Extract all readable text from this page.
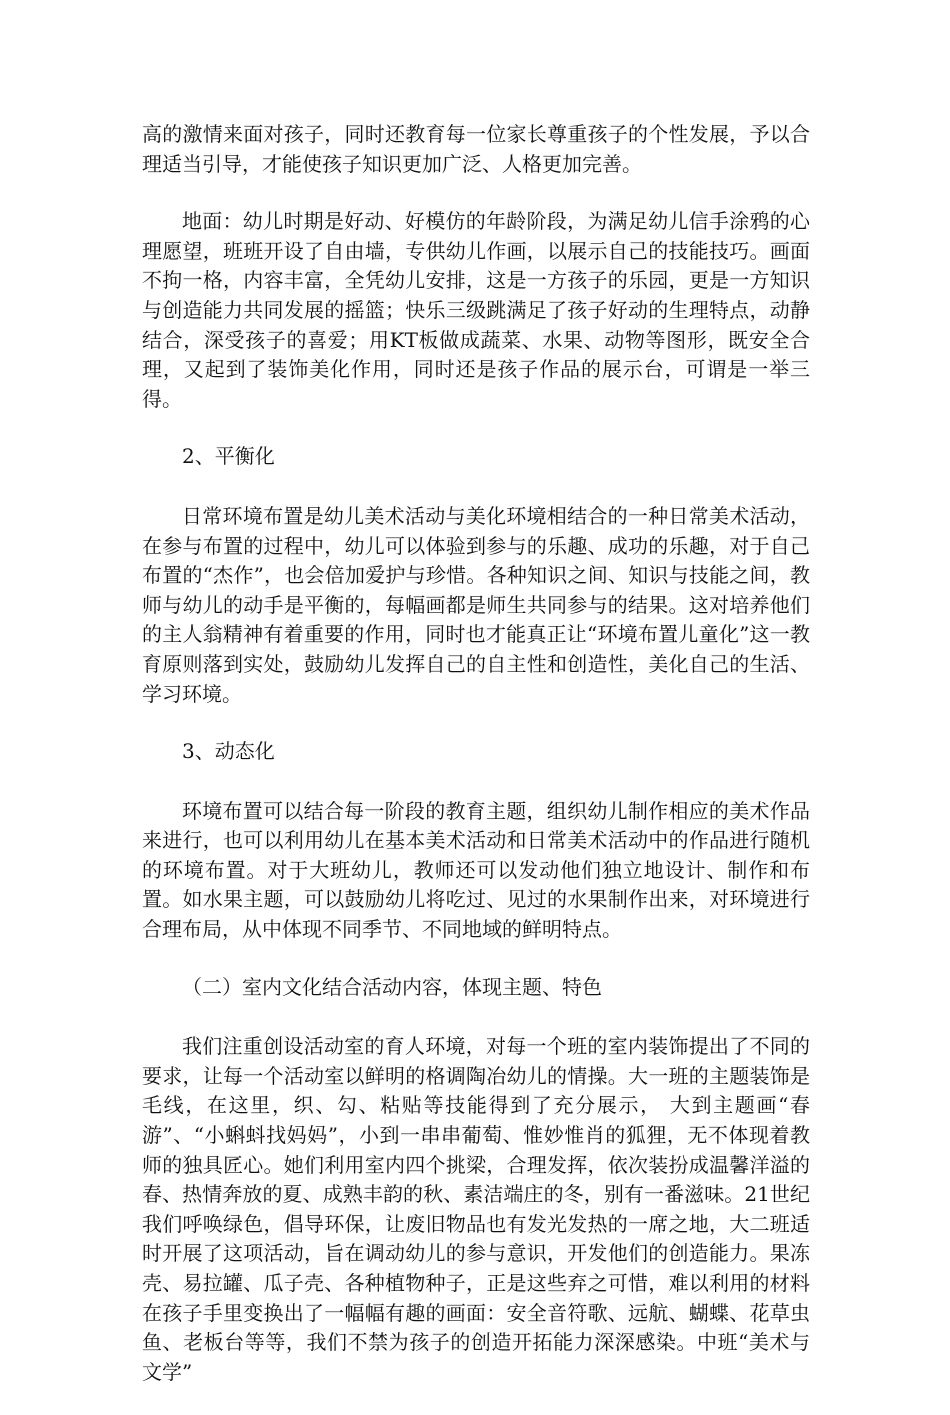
高的激情来面对孩子，同时还教育每一位家长尊重孩子的个性发展，予以合理适当引导，才能使孩子知识更加广泛、人格更加完善。

地面：幼儿时期是好动、好模仿的年龄阶段，为满足幼儿信手涂鸦的心理愿望，班班开设了自由墙，专供幼儿作画，以展示自己的技能技巧。画面不拘一格，内容丰富，全凭幼儿安排，这是一方孩子的乐园，更是一方知识与创造能力共同发展的摇篮；快乐三级跳满足了孩子好动的生理特点，动静结合，深受孩子的喜爱；用KT板做成蔬菜、水果、动物等图形，既安全合理，又起到了装饰美化作用，同时还是孩子作品的展示台，可谓是一举三得。

2、平衡化

日常环境布置是幼儿美术活动与美化环境相结合的一种日常美术活动，在参与布置的过程中，幼儿可以体验到参与的乐趣、成功的乐趣，对于自己布置的“杰作”，也会倍加爱护与珍惜。各种知识之间、知识与技能之间，教师与幼儿的动手是平衡的，每幅画都是师生共同参与的结果。这对培养他们的主人翁精神有着重要的作用，同时也才能真正让“环境布置儿童化”这一教育原则落到实处，鼓励幼儿发挥自己的自主性和创造性，美化自己的生活、学习环境。

3、动态化

环境布置可以结合每一阶段的教育主题，组织幼儿制作相应的美术作品来进行，也可以利用幼儿在基本美术活动和日常美术活动中的作品进行随机的环境布置。对于大班幼儿，教师还可以发动他们独立地设计、制作和布置。如水果主题，可以鼓励幼儿将吃过、见过的水果制作出来，对环境进行合理布局，从中体现不同季节、不同地域的鲜明特点。

（二）室内文化结合活动内容，体现主题、特色

我们注重创设活动室的育人环境，对每一个班的室内装饰提出了不同的要求，让每一个活动室以鲜明的格调陶冶幼儿的情操。大一班的主题装饰是毛线，在这里，织、勾、粘贴等技能得到了充分展示， 大到主题画“春游”、“小蝌蚪找妈妈”，小到一串串葡萄、惟妙惟肖的狐狸，无不体现着教师的独具匠心。她们利用室内四个挑梁，合理发挥，依次装扮成温馨洋溢的春、热情奔放的夏、成熟丰韵的秋、素洁端庄的冬，别有一番滋味。21世纪我们呼唤绿色，倡导环保，让废旧物品也有发光发热的一席之地，大二班适时开展了这项活动，旨在调动幼儿的参与意识，开发他们的创造能力。果冻壳、易拉罐、瓜子壳、各种植物种子，正是这些弃之可惜，难以利用的材料在孩子手里变换出了一幅幅有趣的画面：安全音符歌、远航、蝴蝶、花草虫鱼、老板台等等，我们不禁为孩子的创造开拓能力深深感染。中班“美术与文学”
